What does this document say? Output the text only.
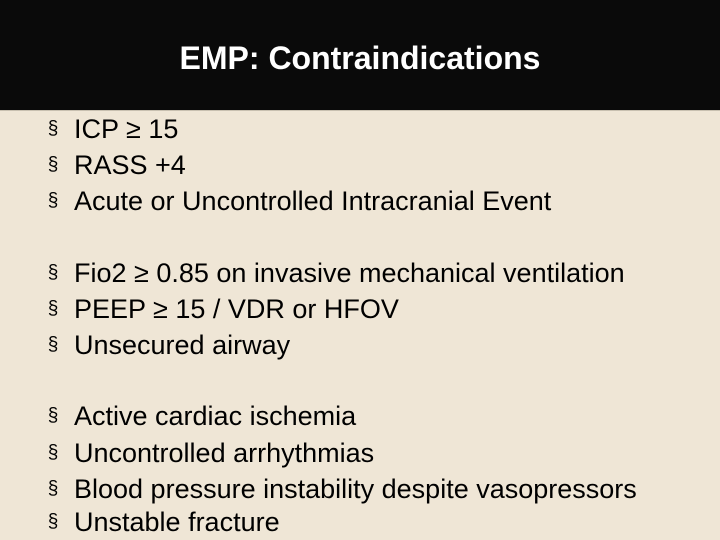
EMP: Contraindications
§ ICP ≥ 15
§ RASS +4
§ Acute or Uncontrolled Intracranial Event
§ Fio2 ≥ 0.85 on invasive mechanical ventilation
§ PEEP ≥ 15 / VDR or HFOV
§ Unsecured airway
§ Active cardiac ischemia
§ Uncontrolled arrhythmias
§ Blood pressure instability despite vasopressors
§ Unstable fracture
